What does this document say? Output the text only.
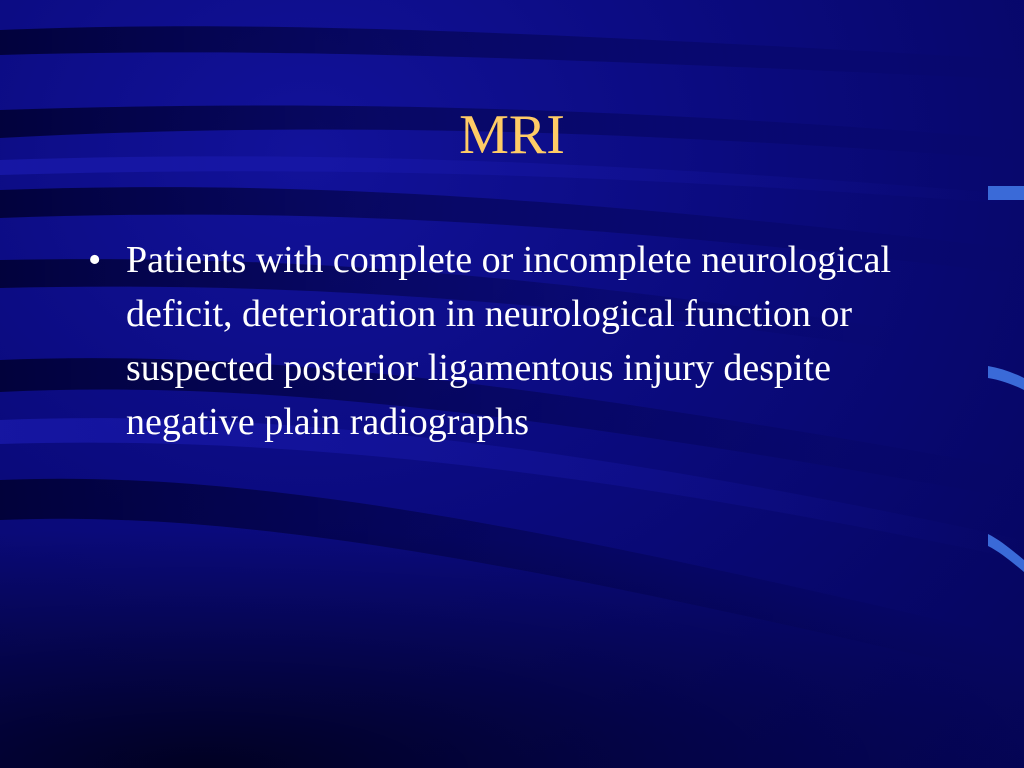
MRI
• Patients with complete or incomplete neurological deficit, deterioration in neurological function or suspected posterior ligamentous injury despite negative plain radiographs
